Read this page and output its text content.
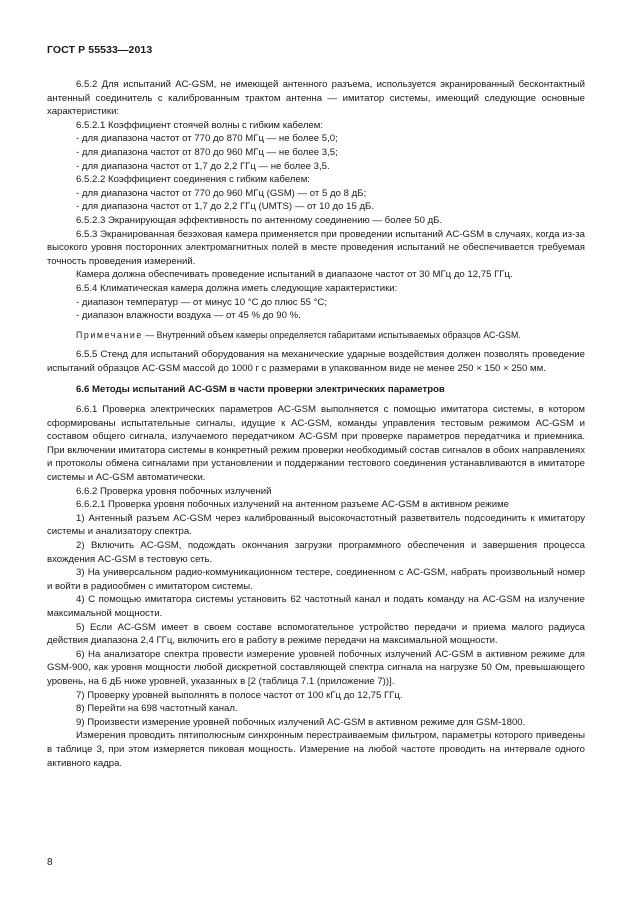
ГОСТ Р 55533—2013

6.5.2 Для испытаний AC-GSM, не имеющей антенного разъема, используется экранированный бесконтактный антенный соединитель с калиброванным трактом антенна — имитатор системы, имеющий следующие основные характеристики:

6.5.2.1 Коэффициент стоячей волны с гибким кабелем:

- для диапазона частот от 770 до 870 МГц — не более 5,0;

- для диапазона частот от 870 до 960 МГц — не более 3,5;

- для диапазона частот от 1,7 до 2,2 ГГц — не более 3,5.

6.5.2.2 Коэффициент соединения с гибким кабелем:

- для диапазона частот от 770 до 960 МГц (GSM) — от 5 до 8 дБ;

- для диапазона частот от 1,7 до 2,2 ГГц (UMTS) — от 10 до 15 дБ.

6.5.2.3 Экранирующая эффективность по антенному соединению — более 50 дБ.

6.5.3 Экранированная безэховая камера применяется при проведении испытаний AC-GSM в случаях, когда из-за высокого уровня посторонних электромагнитных полей в месте проведения испытаний не обеспечивается требуемая точность проведения измерений.

Камера должна обеспечивать проведение испытаний в диапазоне частот от 30 МГц до 12,75 ГГц.

6.5.4 Климатическая камера должна иметь следующие характеристики:

- диапазон температур — от минус 10 °C до плюс 55 °C;

- диапазон влажности воздуха — от 45 % до 90 %.

Примечание — Внутренний объем камеры определяется габаритами испытываемых образцов AC-GSM.

6.5.5 Стенд для испытаний оборудования на механические ударные воздействия должен позволять проведение испытаний образцов AC-GSM массой до 1000 г с размерами в упакованном виде не менее 250 × 150 × 250 мм.

6.6 Методы испытаний AC-GSM в части проверки электрических параметров

6.6.1 Проверка электрических параметров AC-GSM выполняется с помощью имитатора системы, в котором сформированы испытательные сигналы, идущие к AC-GSM, команды управления тестовым режимом AC-GSM и составом общего сигнала, излучаемого передатчиком AC-GSM при проверке параметров передатчика и приемника. При включении имитатора системы в конкретный режим проверки необходимый состав сигналов в обоих направлениях и протоколы обмена сигналами при установлении и поддержании тестового соединения устанавливаются в имитаторе системы и AC-GSM автоматически.

6.6.2 Проверка уровня побочных излучений

6.6.2.1 Проверка уровня побочных излучений на антенном разъеме AC-GSM в активном режиме

1) Антенный разъем AC-GSM через калиброванный высокочастотный разветвитель подсоединить к имитатору системы и анализатору спектра.

2) Включить AC-GSM, подождать окончания загрузки программного обеспечения и завершения процесса вхождения AC-GSM в тестовую сеть.

3) На универсальном радио-коммуникационном тестере, соединенном с AC-GSM, набрать произвольный номер и войти в радиообмен с имитатором системы.

4) С помощью имитатора системы установить 62 частотный канал и подать команду на AC-GSM на излучение максимальной мощности.

5) Если AC-GSM имеет в своем составе вспомогательное устройство передачи и приема малого радиуса действия диапазона 2,4 ГГц, включить его в работу в режиме передачи на максимальной мощности.

6) На анализаторе спектра провести измерение уровней побочных излучений AC-GSM в активном режиме для GSM-900, как уровня мощности любой дискретной составляющей спектра сигнала на нагрузке 50 Ом, превышающего уровень, на 6 дБ ниже уровней, указанных в [2 (таблица 7.1 (приложение 7))].

7) Проверку уровней выполнять в полосе частот от 100 кГц до 12,75 ГГц.

8) Перейти на 698 частотный канал.

9) Произвести измерение уровней побочных излучений AC-GSM в активном режиме для GSM-1800.

Измерения проводить пятиполюсным синхронным перестраиваемым фильтром, параметры которого приведены в таблице 3, при этом измеряется пиковая мощность. Измерение на любой частоте проводить на интервале одного активного кадра.

8
